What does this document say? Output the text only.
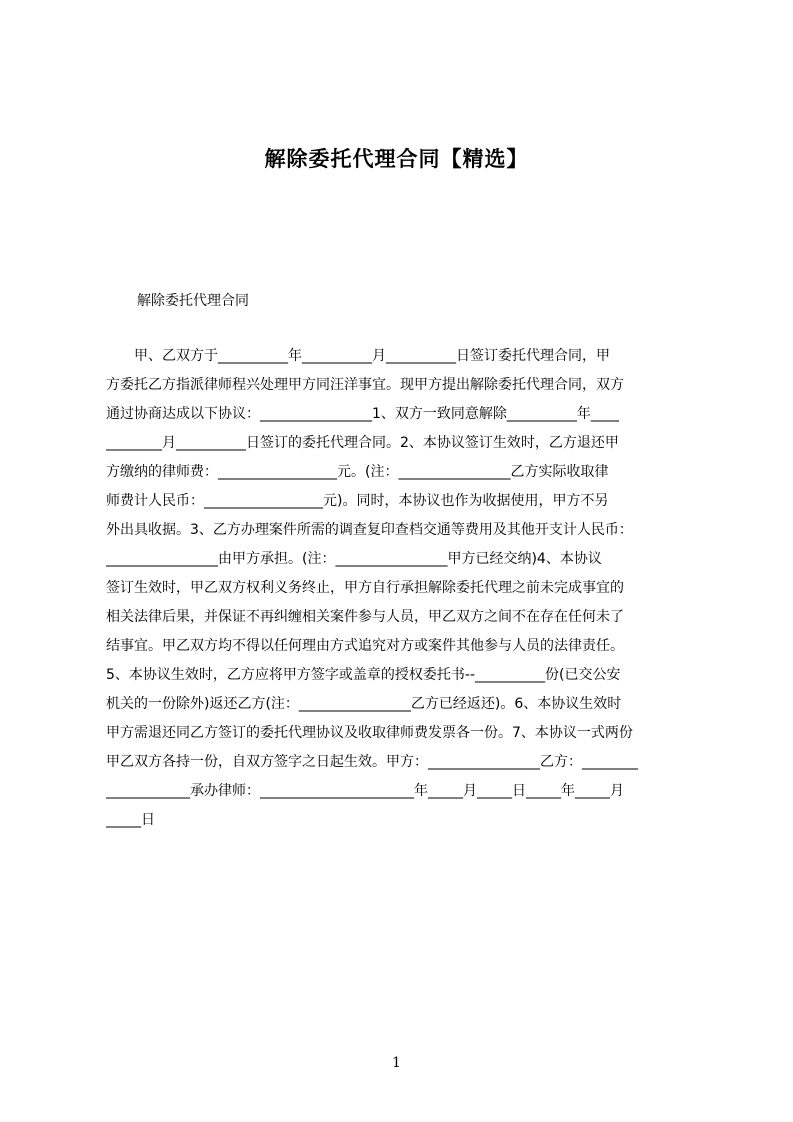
解除委托代理合同【精选】
解除委托代理合同
　　甲、乙双方于__________年__________月__________日签订委托代理合同，甲
方委托乙方指派律师程兴处理甲方同汪洋事宜。现甲方提出解除委托代理合同，双方
通过协商达成以下协议：________________1、双方一致同意解除__________年____
________月__________日签订的委托代理合同。2、本协议签订生效时，乙方退还甲
方缴纳的律师费：_________________元。(注：________________乙方实际收取律
师费计人民币：_________________元)。同时，本协议也作为收据使用，甲方不另
外出具收据。3、乙方办理案件所需的调查复印查档交通等费用及其他开支计人民币：
________________由甲方承担。(注：________________甲方已经交纳)4、本协议
签订生效时，甲乙双方权利义务终止，甲方自行承担解除委托代理之前未完成事宜的
相关法律后果，并保证不再纠缠相关案件参与人员，甲乙双方之间不在存在任何未了
结事宜。甲乙双方均不得以任何理由方式追究对方或案件其他参与人员的法律责任。
5、本协议生效时，乙方应将甲方签字或盖章的授权委托书--__________份(已交公安
机关的一份除外)返还乙方(注：________________乙方已经返还)。6、本协议生效时
甲方需退还同乙方签订的委托代理协议及收取律师费发票各一份。7、本协议一式两份
甲乙双方各持一份，自双方签字之日起生效。甲方：________________乙方：________
____________承办律师：______________________年_____月_____日_____年_____月
_____日
1
